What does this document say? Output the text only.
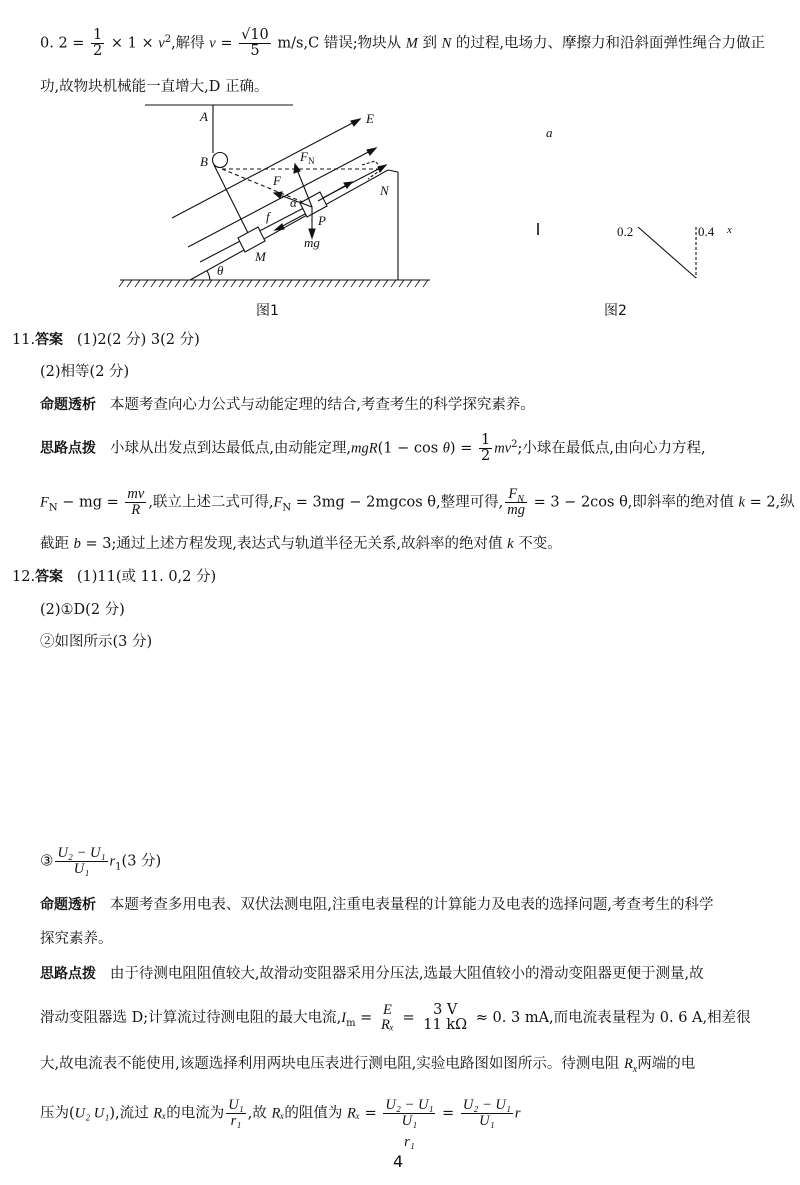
0. $2 = \frac{1}{2} \times 1 \times v^2$,解得 $v = \frac{√10}{5} m/s,C$ 错误;物块从 M 到 N 的过程,电场力、摩擦力和沿斜面弹性绳合力做正
功,故物块机械能一直增大,D 正确。
A
B
E
$F_N$
F
α
f	P
mg
M
N
θ
图1
a
0.2	0.4 x
图2
11.答案 (1)2(2 分) 3(2 分)
(2)相等(2 分)
命题透析 本题考查向心力公式与动能定理的结合,考查考生的科学探究素养。
思路点拨 小球从出发点到达最低点,由动能定理$,mgR(1 - \cos \theta) = \frac{1}{2} mv^2$;小球在最低点,由向心力方程,
$F_N$ − mg = $\frac{mv}{R}$ ,联立上述二式可得$,F_N = 3mg - 2mgcos$ θ,整理可得, $\frac{F_N}{mg} = 3 - 2\cos$ θ,即斜率的绝对值 k = 2,纵
截距 b = 3;通过上述方程发现,表达式与轨道半径无关系,故斜率的绝对值 k 不变。
12.答案 (1)11(或 11. 0,2 分)
(2)①D(2 分)
②如图所示(3 分)
③ $\frac{\text{U₂ − U₁}}{\text{U₁}} r_1(3$ 分)
命题透析 本题考查多用电表、双伏法测电阻,注重电表量程的计算能力及电表的选择问题,考查考生的科学
探究素养。
思路点拨 由于待测电阻阻值较大,故滑动变阻器采用分压法,选最大阻值较小的滑动变阻器更便于测量,故
滑动变阻器选 D;计算流过待测电阻的最大电流$,I_m$ =
E
Rₓ =
3 V
11 kΩ ≈ 0. 3 mA,而电流表量程为 0. 6 A,相差很
大,故电流表不能使用,该题选择利用两块电压表进行测电阻,实验电路图如图所示。待测电阻 $R_x$两端的电
压为(U₂ U₁),流过 Rₓ的电流为 $\frac{\text{U₁}}{\text{r₁}}$ ,故 Rₓ的阻值为 Rₓ =
U₂ − U₁
U₁
r₁
= $\frac{\text{U₂ − U₁}}{\text{U₁}}$ r
4
